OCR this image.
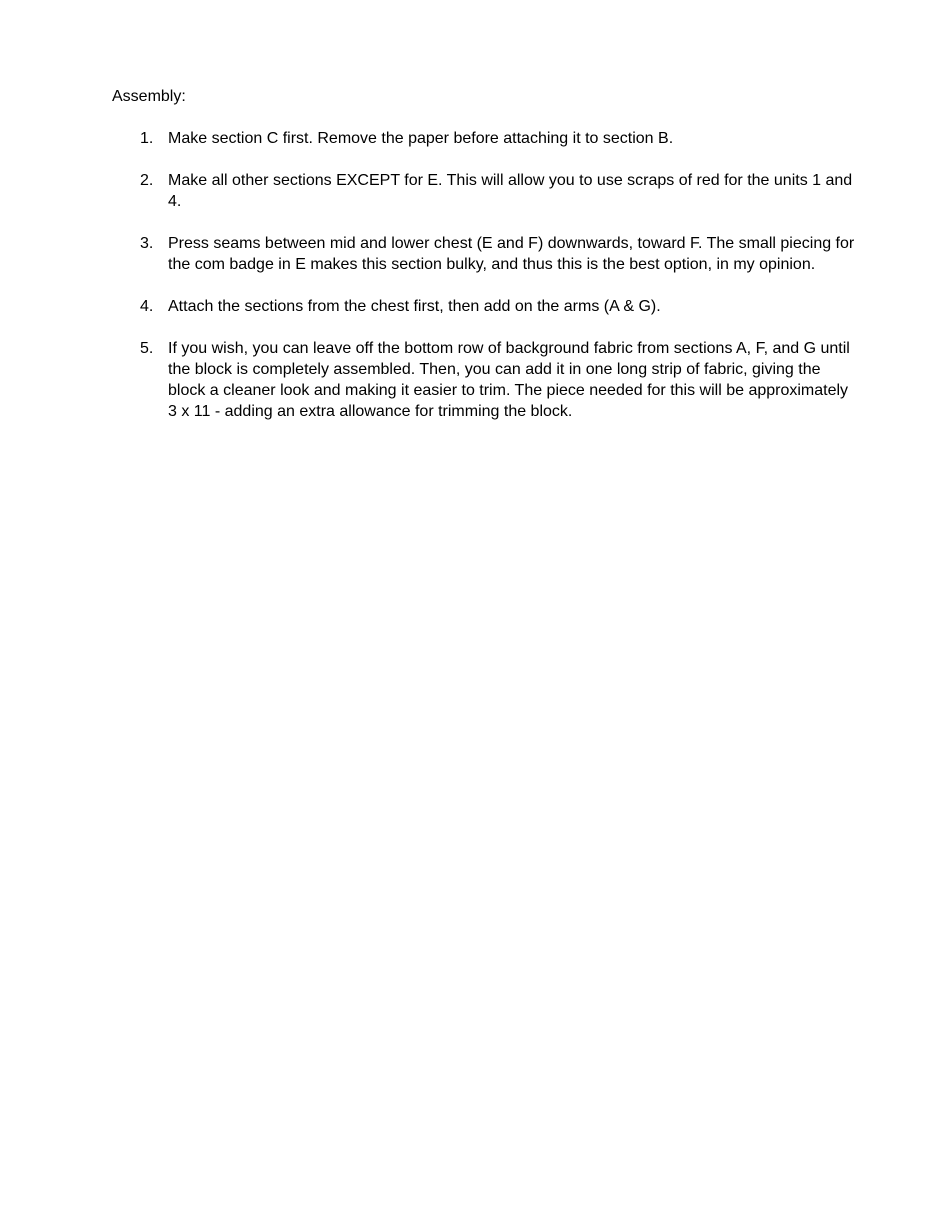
Assembly:
1. Make section C first. Remove the paper before attaching it to section B.
2. Make all other sections EXCEPT for E. This will allow you to use scraps of red for the units 1 and 4.
3. Press seams between mid and lower chest (E and F) downwards, toward F. The small piecing for the com badge in E makes this section bulky, and thus this is the best option, in my opinion.
4. Attach the sections from the chest first, then add on the arms (A & G).
5. If you wish, you can leave off the bottom row of background fabric from sections A, F, and G until the block is completely assembled. Then, you can add it in one long strip of fabric, giving the block a cleaner look and making it easier to trim. The piece needed for this will be approximately 3 x 11 - adding an extra allowance for trimming the block.
